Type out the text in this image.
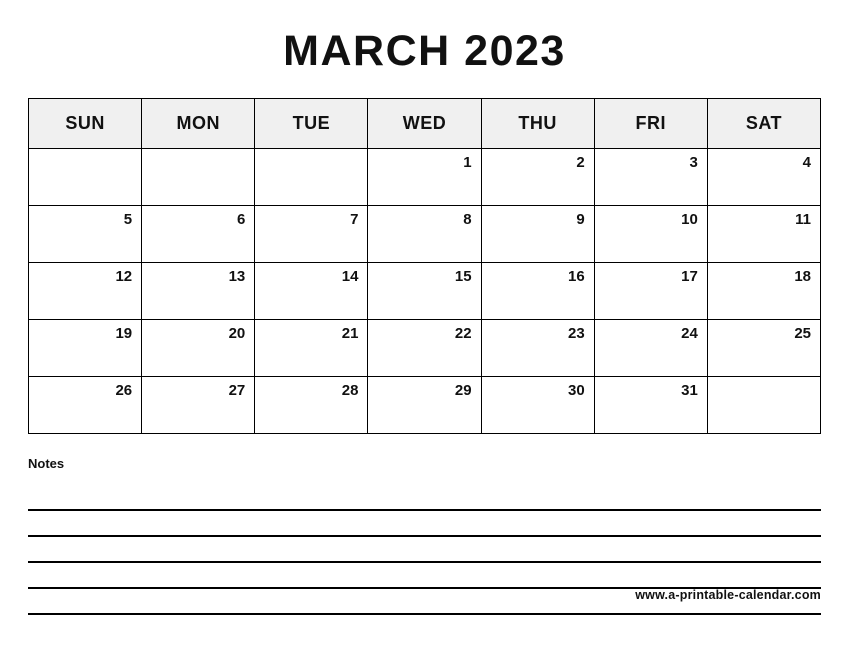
MARCH 2023
SUN	MON	TUE	WED	THU	FRI	SAT

			1	2	3	4

5	6	7	8	9	10	11

12	13	14	15	16	17	18

19	20	21	22	23	24	25

26	27	28	29	30	31	

Notes
www.a-printable-calendar.com
